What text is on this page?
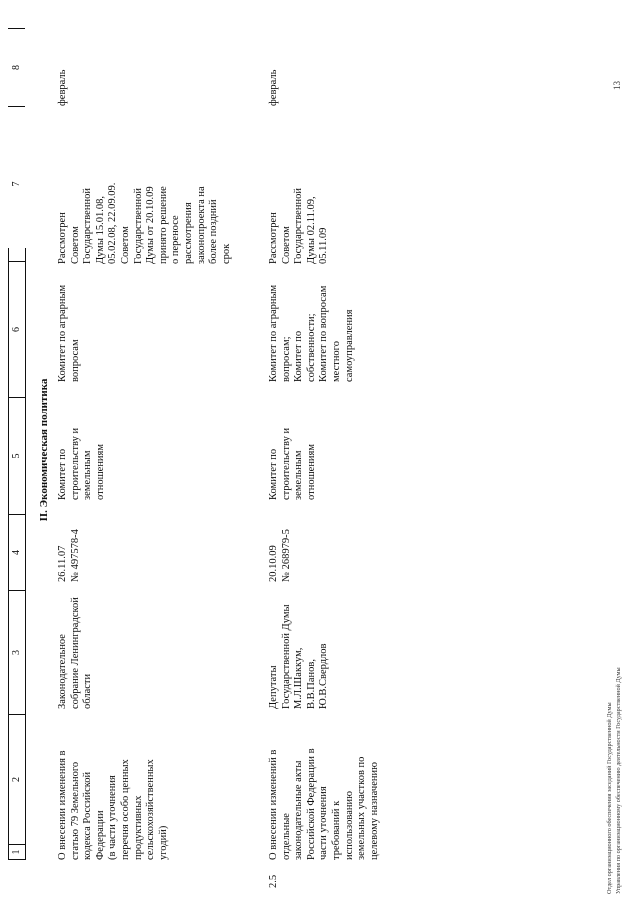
1
2
3
4
5
6
7
8
II. Экономическая политика
О внесении изменения в
статью 79 Земельного
кодекса Российской
Федерации
(в части уточнения
перечня особо ценных
продуктивных
сельскохозяйственных
угодий)
Законодательное
собрание Ленинградской
области
26.11.07
№ 497578-4
Комитет по
строительству и
земельным
отношениям
Комитет по аграрным
вопросам
Рассмотрен
Советом
Государственной
Думы 15.01.08,
05.02.08, 22.09.09.
Советом
Государственной
Думы от 20.10.09
принято решение
о переносе
рассмотрения
законопроекта на
более поздний
срок
февраль
2.5
О внесении изменений в
отдельные
законодательные акты
Российской Федерации в
части уточнения
требований к
использованию
земельных участков по
целевому назначению
Депутаты
Государственной Думы
М.Л.Шаккум,
В.В.Панов,
Ю.В.Свердлов
20.10.09
№ 268979-5
Комитет по
строительству и
земельным
отношениям
Комитет по аграрным
вопросам;
Комитет по
собственности;
Комитет по вопросам
местного
самоуправления
Рассмотрен
Советом
Государственной
Думы 02.11.09,
05.11.09
февраль
Отдел организационного обеспечения заседаний Государственной Думы Управления по организационному обеспечению деятельности Государственной Думы
13
